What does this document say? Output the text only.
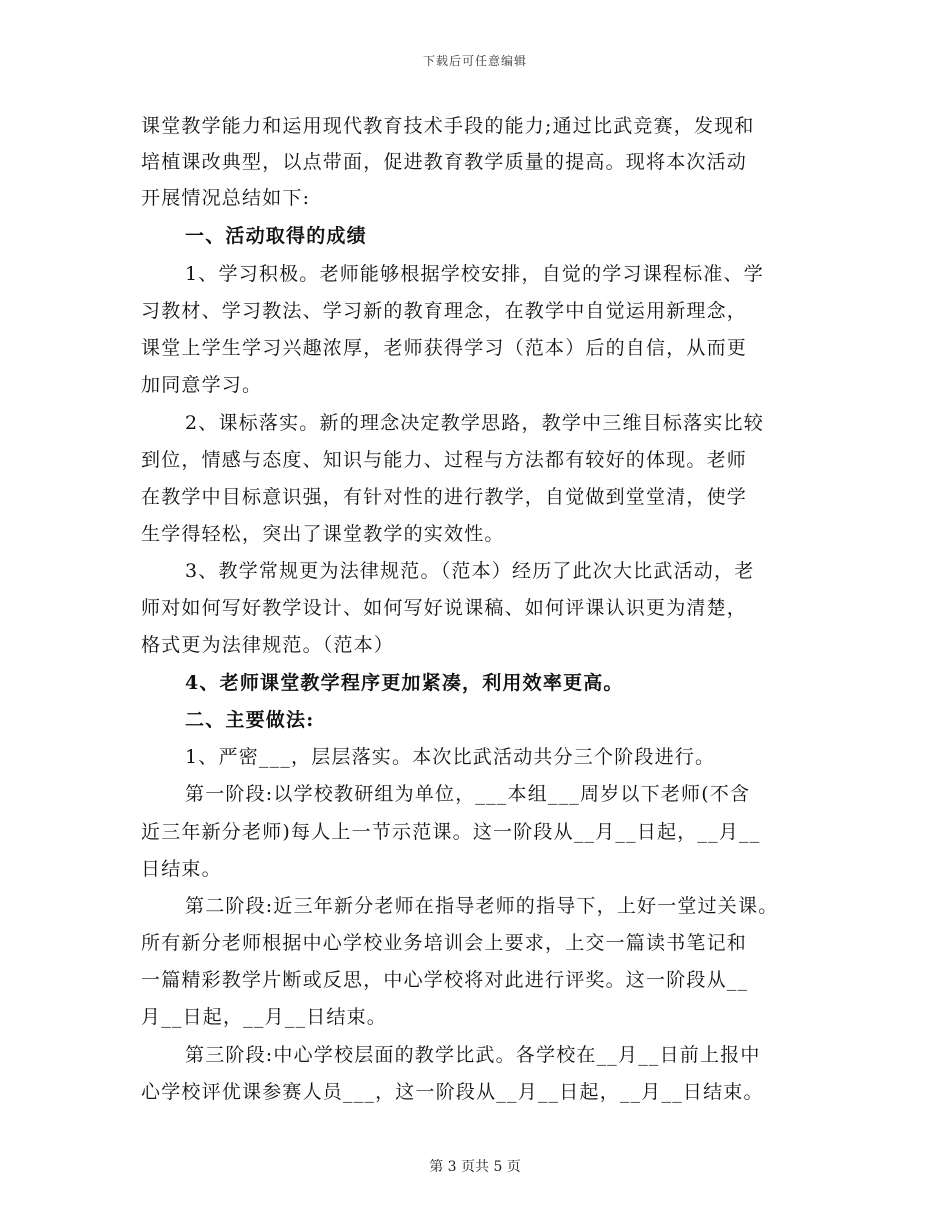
下载后可任意编辑
课堂教学能力和运用现代教育技术手段的能力;通过比武竞赛，发现和
培植课改典型，以点带面，促进教育教学质量的提高。现将本次活动
开展情况总结如下:
一、活动取得的成绩
1、学习积极。老师能够根据学校安排，自觉的学习课程标准、学
习教材、学习教法、学习新的教育理念，在教学中自觉运用新理念，
课堂上学生学习兴趣浓厚，老师获得学习（范本）后的自信，从而更
加同意学习。
2、课标落实。新的理念决定教学思路，教学中三维目标落实比较
到位，情感与态度、知识与能力、过程与方法都有较好的体现。老师
在教学中目标意识强，有针对性的进行教学，自觉做到堂堂清，使学
生学得轻松，突出了课堂教学的实效性。
3、教学常规更为法律规范。（范本）经历了此次大比武活动，老
师对如何写好教学设计、如何写好说课稿、如何评课认识更为清楚，
格式更为法律规范。（范本）
4、老师课堂教学程序更加紧凑，利用效率更高。
二、主要做法:
1、严密___，层层落实。本次比武活动共分三个阶段进行。
第一阶段:以学校教研组为单位，___本组___周岁以下老师(不含
近三年新分老师)每人上一节示范课。这一阶段从__月__日起，__月__
日结束。
第二阶段:近三年新分老师在指导老师的指导下，上好一堂过关课。
所有新分老师根据中心学校业务培训会上要求，上交一篇读书笔记和
一篇精彩教学片断或反思，中心学校将对此进行评奖。这一阶段从__
月__日起，__月__日结束。
第三阶段:中心学校层面的教学比武。各学校在__月__日前上报中
心学校评优课参赛人员___，这一阶段从__月__日起，__月__日结束。
第 3 页共 5 页
